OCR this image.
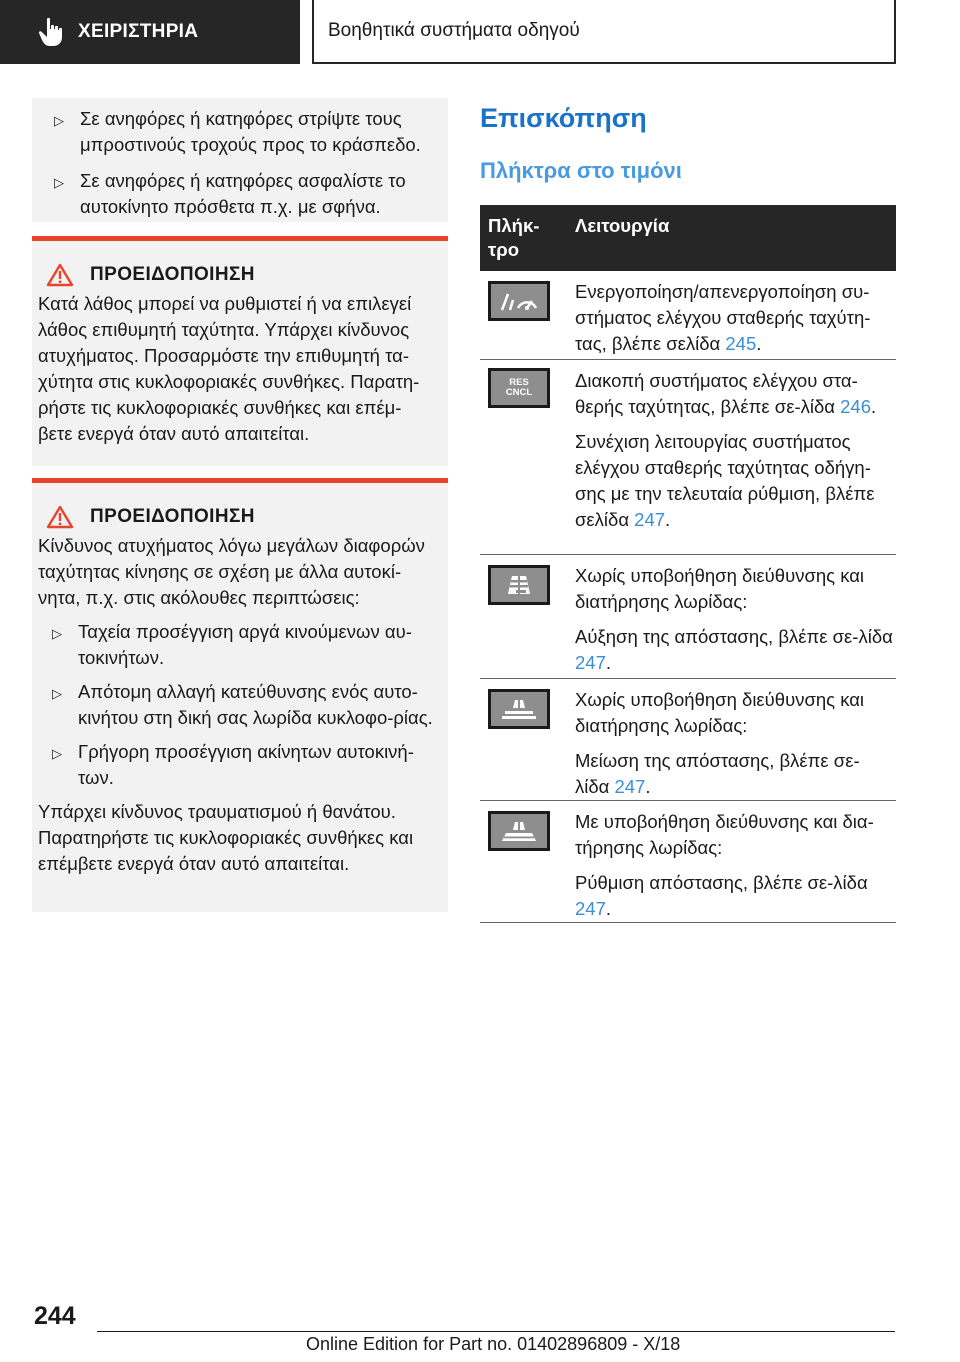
ΧΕΙΡΙΣΤΗΡΙΑ	Βοηθητικά συστήματα οδηγού
▷ Σε ανηφόρες ή κατηφόρες στρίψτε τους μπροστινούς τροχούς προς το κράσπεδο.
▷ Σε ανηφόρες ή κατηφόρες ασφαλίστε το αυτοκίνητο πρόσθετα π.χ. με σφήνα.
ΠΡΟΕΙΔΟΠΟΙΗΣΗ

Κατά λάθος μπορεί να ρυθμιστεί ή να επιλεγεί λάθος επιθυμητή ταχύτητα. Υπάρχει κίνδυνος ατυχήματος. Προσαρμόστε την επιθυμητή τα-χύτητα στις κυκλοφοριακές συνθήκες. Παρατη-ρήστε τις κυκλοφοριακές συνθήκες και επέμ-βετε ενεργά όταν αυτό απαιτείται.

ΠΡΟΕΙΔΟΠΟΙΗΣΗ

Κίνδυνος ατυχήματος λόγω μεγάλων διαφορών ταχύτητας κίνησης σε σχέση με άλλα αυτοκί-νητα, π.χ. στις ακόλουθες περιπτώσεις:

▷ Ταχεία προσέγγιση αργά κινούμενων αυ-τοκινήτων.
▷ Απότομη αλλαγή κατεύθυνσης ενός αυτο-κινήτου στη δική σας λωρίδα κυκλοφο-ρίας.
▷ Γρήγορη προσέγγιση ακίνητων αυτοκινή-των.

Υπάρχει κίνδυνος τραυματισμού ή θανάτου. Παρατηρήστε τις κυκλοφοριακές συνθήκες και επέμβετε ενεργά όταν αυτό απαιτείται.

Επισκόπηση
Πλήκτρα στο τιμόνι
Πλήκ-τρο
Λειτουργία

Ενεργοποίηση/απενεργοποίηση συ-στήματος ελέγχου σταθερής ταχύτη-τας, βλέπε σελίδα 245.

RES
CNCL

Διακοπή συστήματος ελέγχου στα-θερής ταχύτητας, βλέπε σε-λίδα 246.

Συνέχιση λειτουργίας συστήματος ελέγχου σταθερής ταχύτητας οδήγη-σης με την τελευταία ρύθμιση, βλέπε σελίδα 247.

Χωρίς υποβοήθηση διεύθυνσης και διατήρησης λωρίδας:

Αύξηση της απόστασης, βλέπε σε-λίδα 247.

Χωρίς υποβοήθηση διεύθυνσης και διατήρησης λωρίδας:

Μείωση της απόστασης, βλέπε σε-λίδα 247.

Με υποβοήθηση διεύθυνσης και δια-τήρησης λωρίδας:

Ρύθμιση απόστασης, βλέπε σε-λίδα 247.

244
Online Edition for Part no. 01402896809 - X/18
